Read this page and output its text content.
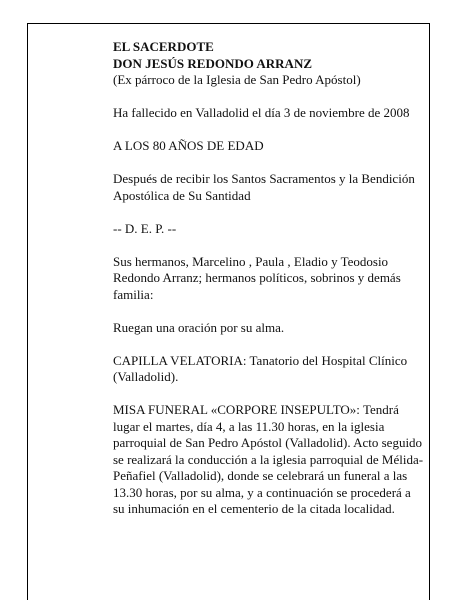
EL SACERDOTE

DON JESÚS REDONDO ARRANZ

(Ex párroco de la Iglesia de San Pedro Apóstol)

Ha fallecido en Valladolid el día 3 de noviembre de 2008

A LOS 80 AÑOS DE EDAD

Después de recibir los Santos Sacramentos y la Bendición Apostólica de Su Santidad

-- D. E. P. --

Sus hermanos, Marcelino , Paula , Eladio y Teodosio Redondo Arranz; hermanos políticos, sobrinos y demás familia:

Ruegan una oración por su alma.

CAPILLA VELATORIA: Tanatorio del Hospital Clínico (Valladolid).

MISA FUNERAL «CORPORE INSEPULTO»: Tendrá lugar el martes, día 4, a las 11.30 horas, en la iglesia parroquial de San Pedro Apóstol (Valladolid). Acto seguido se realizará la conducción a la iglesia parroquial de Mélida-Peñafiel (Valladolid), donde se celebrará un funeral a las 13.30 horas, por su alma, y a continuación se procederá a su inhumación en el cementerio de la citada localidad.
